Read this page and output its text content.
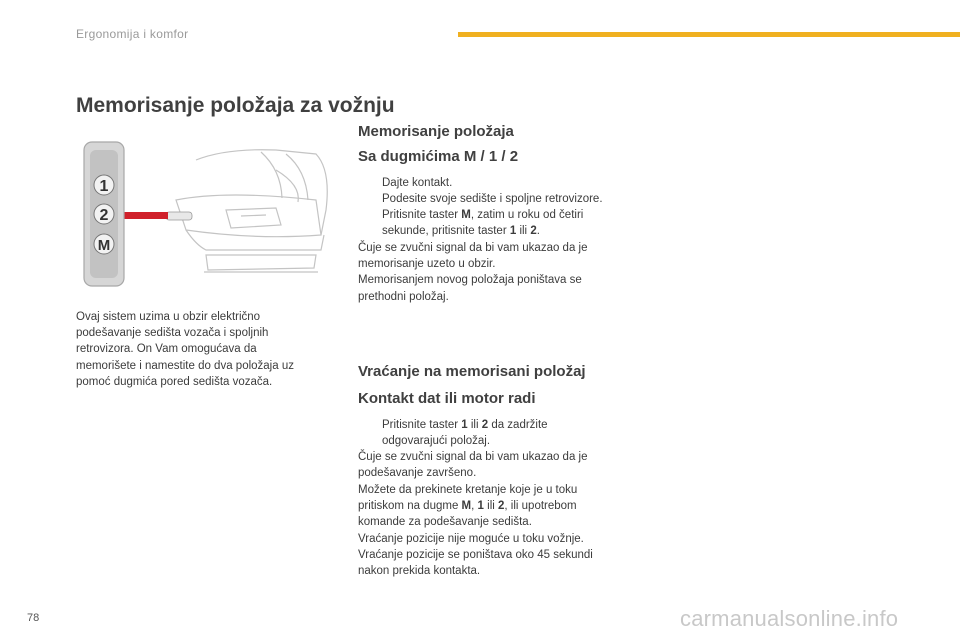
Ergonomija i komfor
Memorisanje položaja za vožnju
1
2
M

Ovaj sistem uzima u obzir električno

podešavanje sedišta vozača i spoljnih

retrovizora. On Vam omogućava da

memorišete i namestite do dva položaja uz

pomoć dugmića pored sedišta vozača.

Memorisanje položaja
Sa dugmićima M / 1 / 2
Dajte kontakt.
Podesite svoje sedište i spoljne retrovizore.
Pritisnite taster M, zatim u roku od četiri
sekunde, pritisnite taster 1 ili 2.

Čuje se zvučni signal da bi vam ukazao da je

memorisanje uzeto u obzir.

Memorisanjem novog položaja poništava se

prethodni položaj.

Vraćanje na memorisani položaj
Kontakt dat ili motor radi
Pritisnite taster 1 ili 2 da zadržite
odgovarajući položaj.

Čuje se zvučni signal da bi vam ukazao da je

podešavanje završeno.

Možete da prekinete kretanje koje je u toku

pritiskom na dugme M, 1 ili 2, ili upotrebom

komande za podešavanje sedišta.

Vraćanje pozicije nije moguće u toku vožnje.

Vraćanje pozicije se poništava oko 45 sekundi

nakon prekida kontakta.

78	carmanualsonline.info
